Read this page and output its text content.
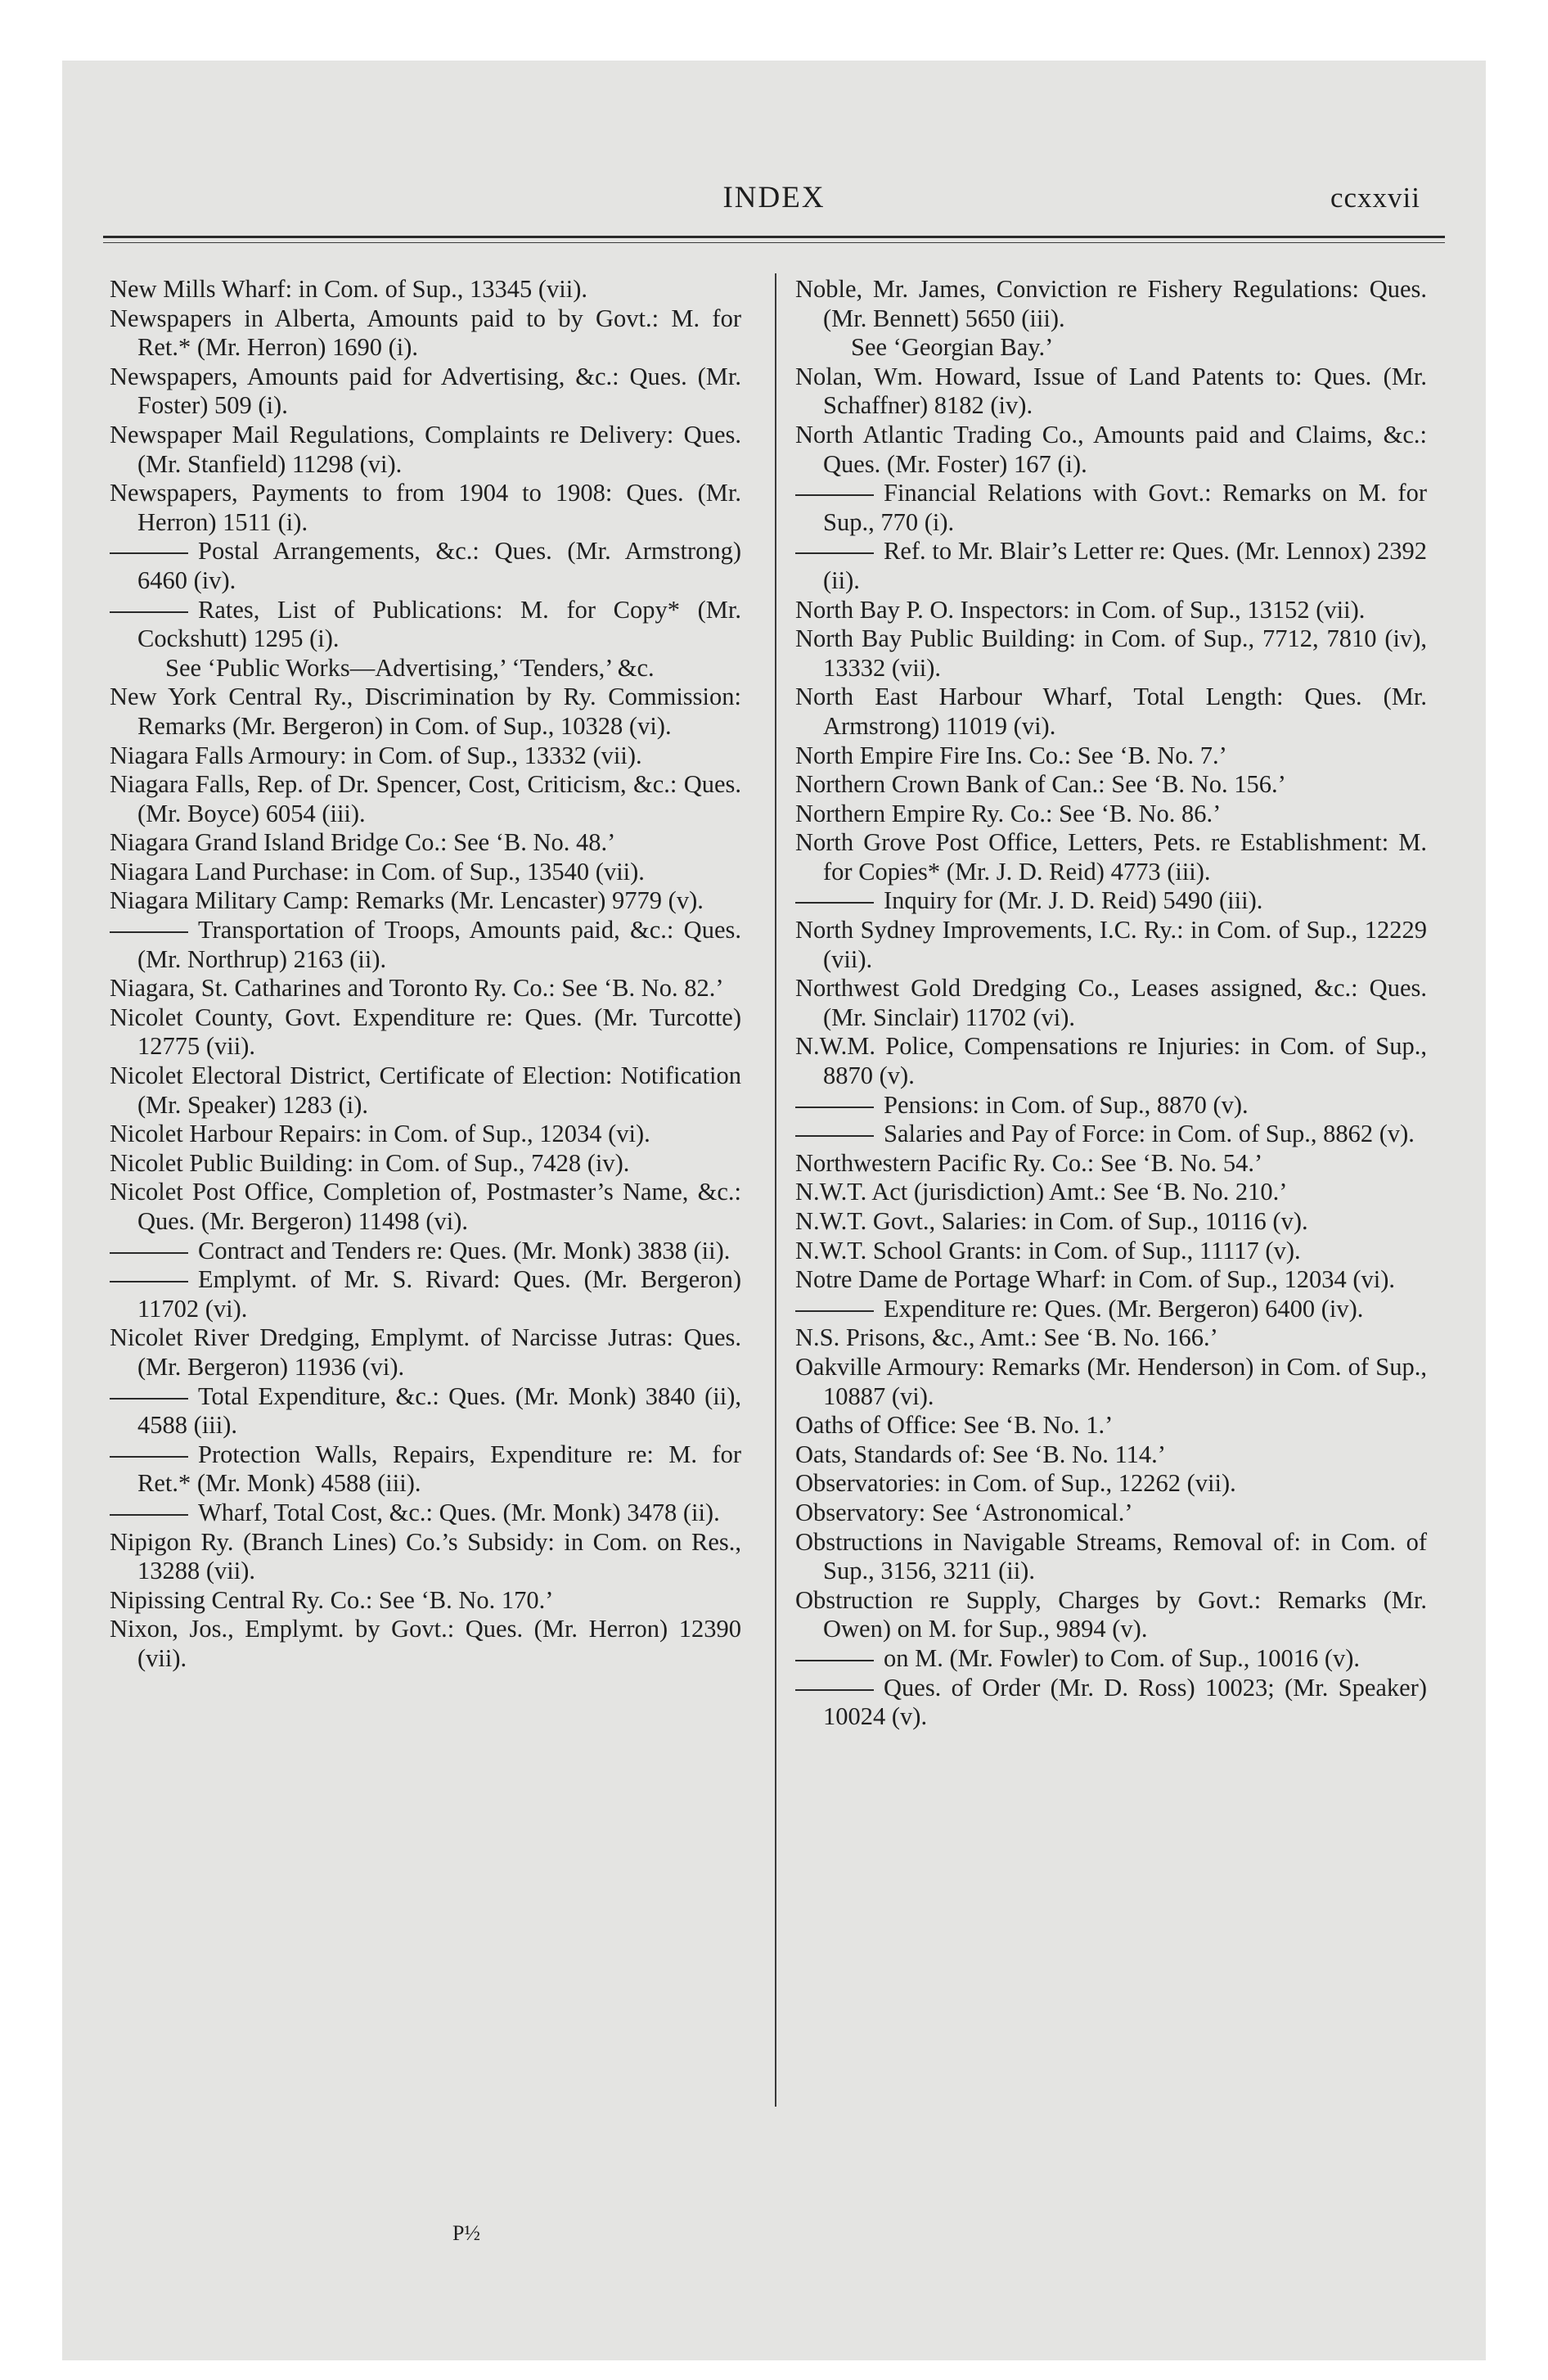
INDEX	ccxxvii

New Mills Wharf: in Com. of Sup., 13345 (vii).

Newspapers in Alberta, Amounts paid to by Govt.: M. for Ret.* (Mr. Herron) 1690 (i).

Newspapers, Amounts paid for Advertising, &c.: Ques. (Mr. Foster) 509 (i).

Newspaper Mail Regulations, Complaints re Delivery: Ques. (Mr. Stanfield) 11298 (vi).

Newspapers, Payments to from 1904 to 1908: Ques. (Mr. Herron) 1511 (i).

Postal Arrangements, &c.: Ques. (Mr. Armstrong) 6460 (iv).

Rates, List of Publications: M. for Copy* (Mr. Cockshutt) 1295 (i).

See ‘Public Works—Advertising,’ ‘Tenders,’ &c.

New York Central Ry., Discrimination by Ry. Commission: Remarks (Mr. Bergeron) in Com. of Sup., 10328 (vi).

Niagara Falls Armoury: in Com. of Sup., 13332 (vii).

Niagara Falls, Rep. of Dr. Spencer, Cost, Criticism, &c.: Ques. (Mr. Boyce) 6054 (iii).

Niagara Grand Island Bridge Co.: See ‘B. No. 48.’

Niagara Land Purchase: in Com. of Sup., 13540 (vii).

Niagara Military Camp: Remarks (Mr. Lencaster) 9779 (v).

Transportation of Troops, Amounts paid, &c.: Ques. (Mr. Northrup) 2163 (ii).

Niagara, St. Catharines and Toronto Ry. Co.: See ‘B. No. 82.’

Nicolet County, Govt. Expenditure re: Ques. (Mr. Turcotte) 12775 (vii).

Nicolet Electoral District, Certificate of Election: Notification (Mr. Speaker) 1283 (i).

Nicolet Harbour Repairs: in Com. of Sup., 12034 (vi).

Nicolet Public Building: in Com. of Sup., 7428 (iv).

Nicolet Post Office, Completion of, Postmaster’s Name, &c.: Ques. (Mr. Bergeron) 11498 (vi).

Contract and Tenders re: Ques. (Mr. Monk) 3838 (ii).

Emplymt. of Mr. S. Rivard: Ques. (Mr. Bergeron) 11702 (vi).

Nicolet River Dredging, Emplymt. of Narcisse Jutras: Ques. (Mr. Bergeron) 11936 (vi).

Total Expenditure, &c.: Ques. (Mr. Monk) 3840 (ii), 4588 (iii).

Protection Walls, Repairs, Expenditure re: M. for Ret.* (Mr. Monk) 4588 (iii).

Wharf, Total Cost, &c.: Ques. (Mr. Monk) 3478 (ii).

Nipigon Ry. (Branch Lines) Co.’s Subsidy: in Com. on Res., 13288 (vii).

Nipissing Central Ry. Co.: See ‘B. No. 170.’

Nixon, Jos., Emplymt. by Govt.: Ques. (Mr. Herron) 12390 (vii).

Noble, Mr. James, Conviction re Fishery Regulations: Ques. (Mr. Bennett) 5650 (iii).

See ‘Georgian Bay.’

Nolan, Wm. Howard, Issue of Land Patents to: Ques. (Mr. Schaffner) 8182 (iv).

North Atlantic Trading Co., Amounts paid and Claims, &c.: Ques. (Mr. Foster) 167 (i).

Financial Relations with Govt.: Remarks on M. for Sup., 770 (i).

Ref. to Mr. Blair’s Letter re: Ques. (Mr. Lennox) 2392 (ii).

North Bay P. O. Inspectors: in Com. of Sup., 13152 (vii).

North Bay Public Building: in Com. of Sup., 7712, 7810 (iv), 13332 (vii).

North East Harbour Wharf, Total Length: Ques. (Mr. Armstrong) 11019 (vi).

North Empire Fire Ins. Co.: See ‘B. No. 7.’

Northern Crown Bank of Can.: See ‘B. No. 156.’

Northern Empire Ry. Co.: See ‘B. No. 86.’

North Grove Post Office, Letters, Pets. re Establishment: M. for Copies* (Mr. J. D. Reid) 4773 (iii).

Inquiry for (Mr. J. D. Reid) 5490 (iii).

North Sydney Improvements, I.C. Ry.: in Com. of Sup., 12229 (vii).

Northwest Gold Dredging Co., Leases assigned, &c.: Ques. (Mr. Sinclair) 11702 (vi).

N.W.M. Police, Compensations re Injuries: in Com. of Sup., 8870 (v).

Pensions: in Com. of Sup., 8870 (v).

Salaries and Pay of Force: in Com. of Sup., 8862 (v).

Northwestern Pacific Ry. Co.: See ‘B. No. 54.’

N.W.T. Act (jurisdiction) Amt.: See ‘B. No. 210.’

N.W.T. Govt., Salaries: in Com. of Sup., 10116 (v).

N.W.T. School Grants: in Com. of Sup., 11117 (v).

Notre Dame de Portage Wharf: in Com. of Sup., 12034 (vi).

Expenditure re: Ques. (Mr. Bergeron) 6400 (iv).

N.S. Prisons, &c., Amt.: See ‘B. No. 166.’

Oakville Armoury: Remarks (Mr. Henderson) in Com. of Sup., 10887 (vi).

Oaths of Office: See ‘B. No. 1.’

Oats, Standards of: See ‘B. No. 114.’

Observatories: in Com. of Sup., 12262 (vii).

Observatory: See ‘Astronomical.’

Obstructions in Navigable Streams, Removal of: in Com. of Sup., 3156, 3211 (ii).

Obstruction re Supply, Charges by Govt.: Remarks (Mr. Owen) on M. for Sup., 9894 (v).

on M. (Mr. Fowler) to Com. of Sup., 10016 (v).

Ques. of Order (Mr. D. Ross) 10023; (Mr. Speaker) 10024 (v).

P½
